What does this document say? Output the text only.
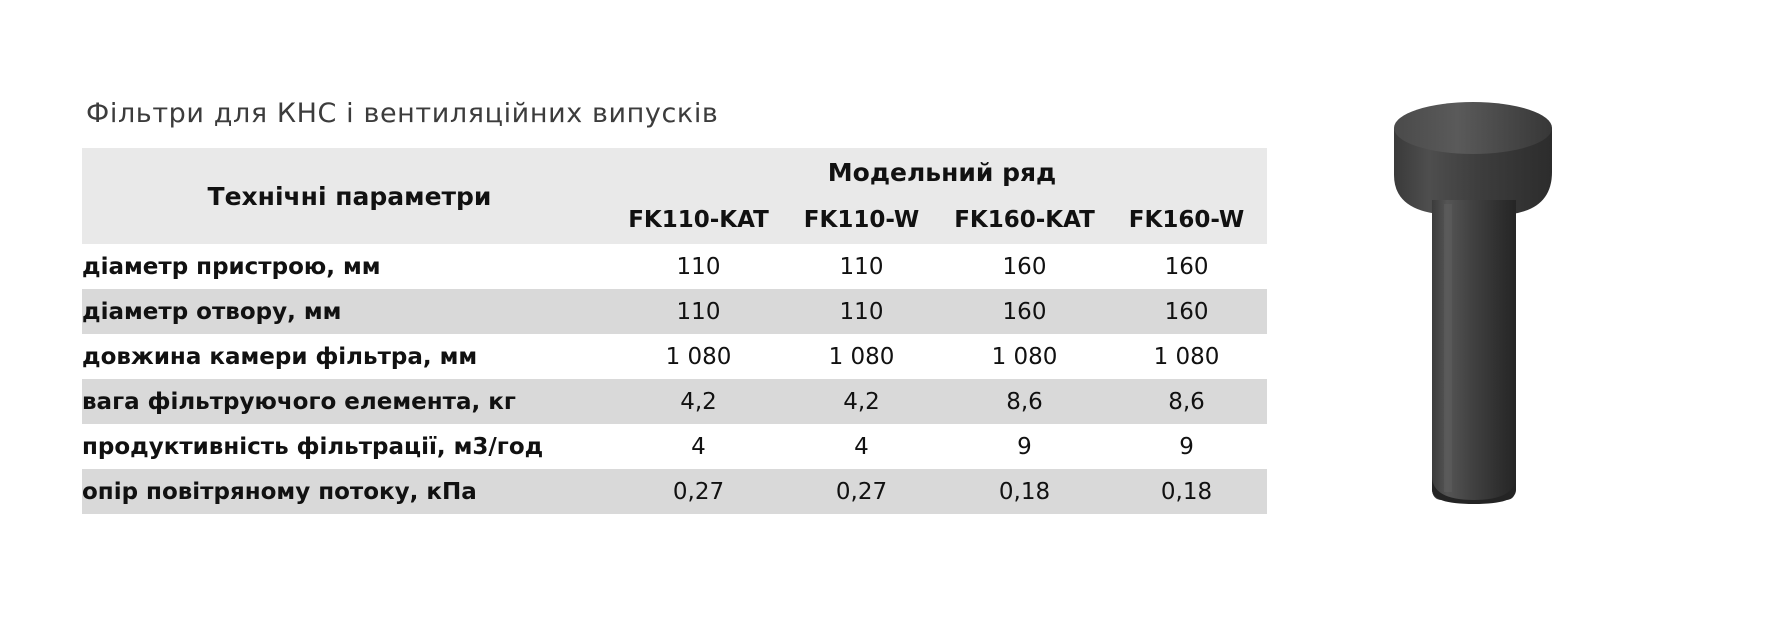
Фільтри для КНС і вентиляційних випусків
Технічні параметри	Модельний ряд			
	FK110-KAT	FK110-W	FK160-KAT	FK160-W
діаметр пристрою, мм	110	110	160	160
діаметр отвору, мм	110	110	160	160
довжина камери фільтра, мм	1 080	1 080	1 080	1 080
вага фільтруючого елемента, кг	4,2	4,2	8,6	8,6
продуктивність фільтрації, м3/год	4	4	9	9
опір повітряному потоку, кПа	0,27	0,27	0,18	0,18
